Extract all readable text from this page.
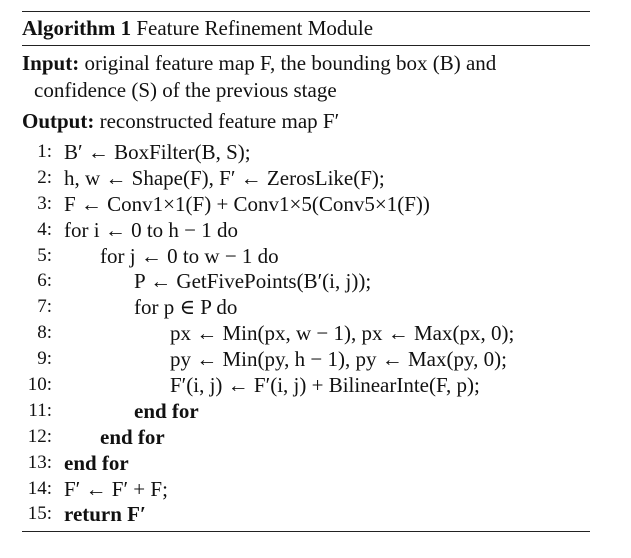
Algorithm 1 Feature Refinement Module
Input: original feature map F, the bounding box (B) and confidence (S) of the previous stage
Output: reconstructed feature map F′
1: B′ ← BoxFilter(B, S);
2: h, w ← Shape(F), F′ ← ZerosLike(F);
3: F ← Conv1×1(F) + Conv1×5(Conv5×1(F))
4: for i ← 0 to h − 1 do
5: for j ← 0 to w − 1 do
6:	P ← GetFivePoints(B′(i, j));
7:	for p ∈ P do
8:	px ← Min(px, w − 1), px ← Max(px, 0);
9:	py ← Min(py, h − 1), py ← Max(py, 0);
10:	F′(i, j) ← F′(i, j) + BilinearInte(F, p);
11:	end for
12: end for
13: end for
14: F′ ← F′ + F;
15: return F′
